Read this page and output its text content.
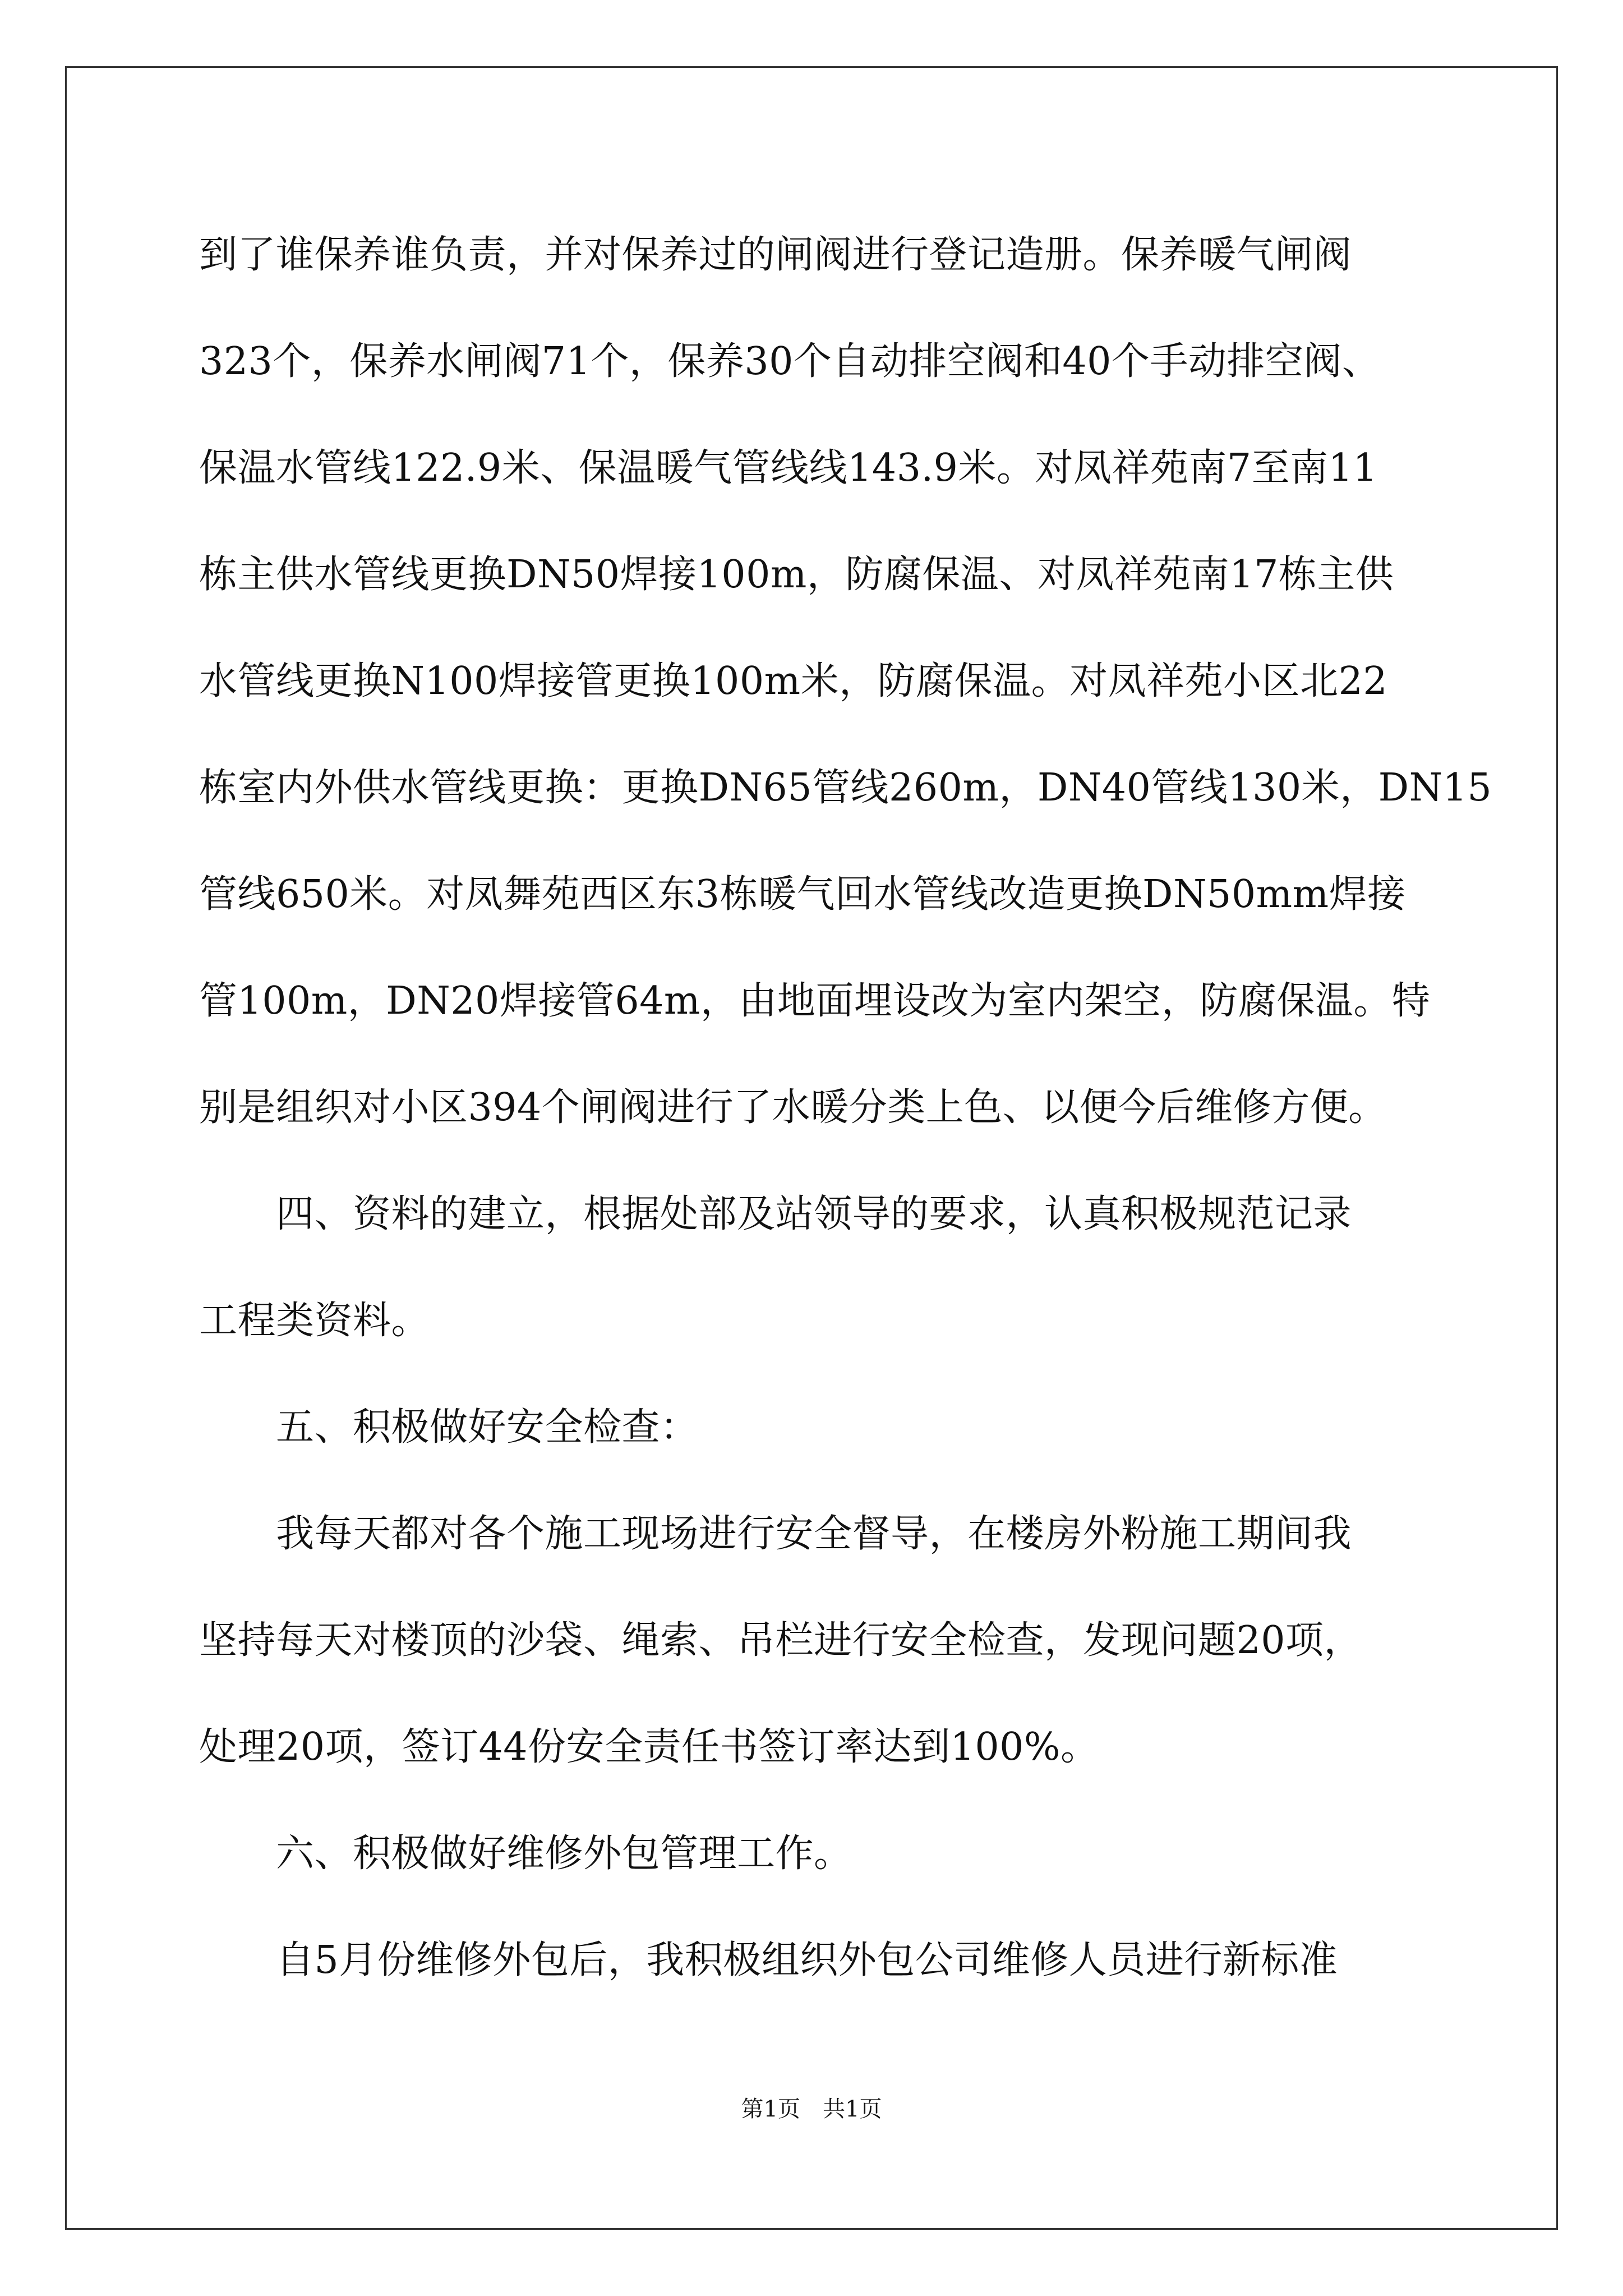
到了谁保养谁负责，并对保养过的闸阀进行登记造册。保养暖气闸阀
323个，保养水闸阀71个，保养30个自动排空阀和40个手动排空阀、
保温水管线122.9米、保温暖气管线线143.9米。对凤祥苑南7至南11
栋主供水管线更换DN50焊接100m，防腐保温、对凤祥苑南17栋主供
水管线更换N100焊接管更换100m米，防腐保温。对凤祥苑小区北22
栋室内外供水管线更换：更换DN65管线260m，DN40管线130米，DN15
管线650米。对凤舞苑西区东3栋暖气回水管线改造更换DN50mm焊接
管100m，DN20焊接管64m，由地面埋设改为室内架空，防腐保温。特
别是组织对小区394个闸阀进行了水暖分类上色、以便今后维修方便。
　　四、资料的建立，根据处部及站领导的要求，认真积极规范记录
工程类资料。
　　五、积极做好安全检查：
　　我每天都对各个施工现场进行安全督导，在楼房外粉施工期间我
坚持每天对楼顶的沙袋、绳索、吊栏进行安全检查，发现问题20项，
处理20项，签订44份安全责任书签订率达到100%。
　　六、积极做好维修外包管理工作。
　　自5月份维修外包后，我积极组织外包公司维修人员进行新标准
第1页　共1页
